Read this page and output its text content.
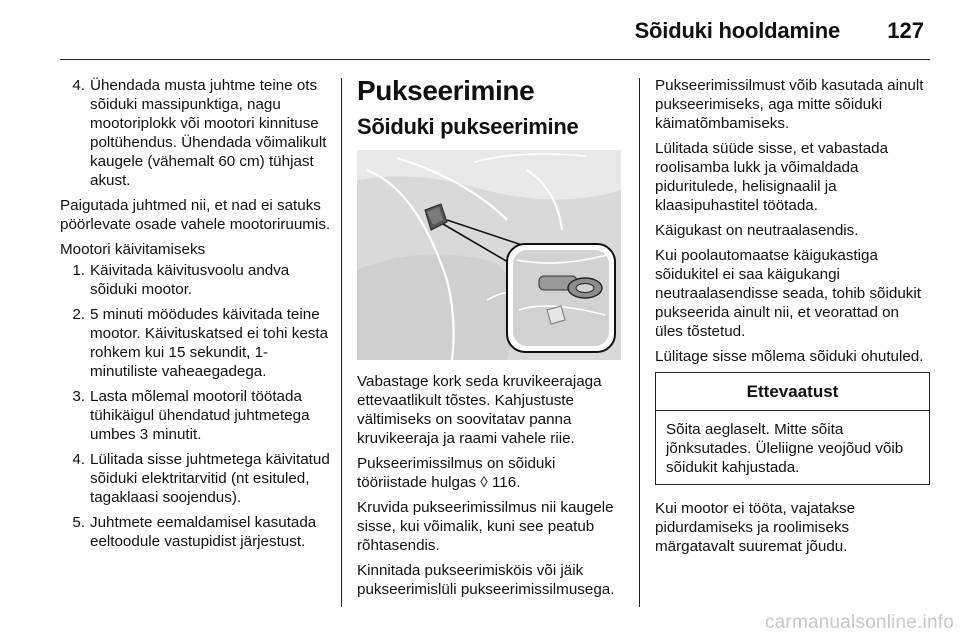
Sõiduki hooldamine	127
4. Ühendada musta juhtme teine ots sõiduki massipunktiga, nagu mootoriplokk või mootori kinnituse poltühendus. Ühendada võimalikult kaugele (vähemalt 60 cm) tühjast akust.

Paigutada juhtmed nii, et nad ei satuks pöörlevate osade vahele mootoriruumis.

Mootori käivitamiseks

1. Käivitada käivitusvoolu andva sõiduki mootor.
2. 5 minuti möödudes käivitada teine mootor. Käivituskatsed ei tohi kesta rohkem kui 15 sekundit, 1-minutiliste vaheaegadega.
3. Lasta mõlemal mootoril töötada tühikäigul ühendatud juhtmetega umbes 3 minutit.
4. Lülitada sisse juhtmetega käivitatud sõiduki elektritarvitid (nt esituled, tagaklaasi soojendus).
5. Juhtmete eemaldamisel kasutada eeltoodule vastupidist järjestust.
Pukseerimine
Sõiduki pukseerimine

Vabastage kork seda kruvikeerajaga ettevaatlikult tõstes. Kahjustuste vältimiseks on soovitatav panna kruvikeeraja ja raami vahele riie.

Pukseerimissilmus on sõiduki tööriistade hulgas ◊ 116.

Kruvida pukseerimissilmus nii kaugele sisse, kui võimalik, kuni see peatub rõhtasendis.

Kinnitada pukseerimisköis või jäik pukseerimislüli pukseerimissilmusega.

Pukseerimissilmust võib kasutada ainult pukseerimiseks, aga mitte sõiduki käimatõmbamiseks.

Lülitada süüde sisse, et vabastada roolisamba lukk ja võimaldada piduritulede, helisignaalil ja klaasipuhastitel töötada.

Käigukast on neutraalasendis.

Kui poolautomaatse käigukastiga sõidukitel ei saa käigukangi neutraalasendisse seada, tohib sõidukit pukseerida ainult nii, et veorattad on üles tõstetud.

Lülitage sisse mõlema sõiduki ohutuled.

Ettevaatust
Sõita aeglaselt. Mitte sõita jõnksutades. Üleliigne veojõud võib sõidukit kahjustada.

Kui mootor ei tööta, vajatakse pidurdamiseks ja roolimiseks märgatavalt suuremat jõudu.

carmanualsonline.info
